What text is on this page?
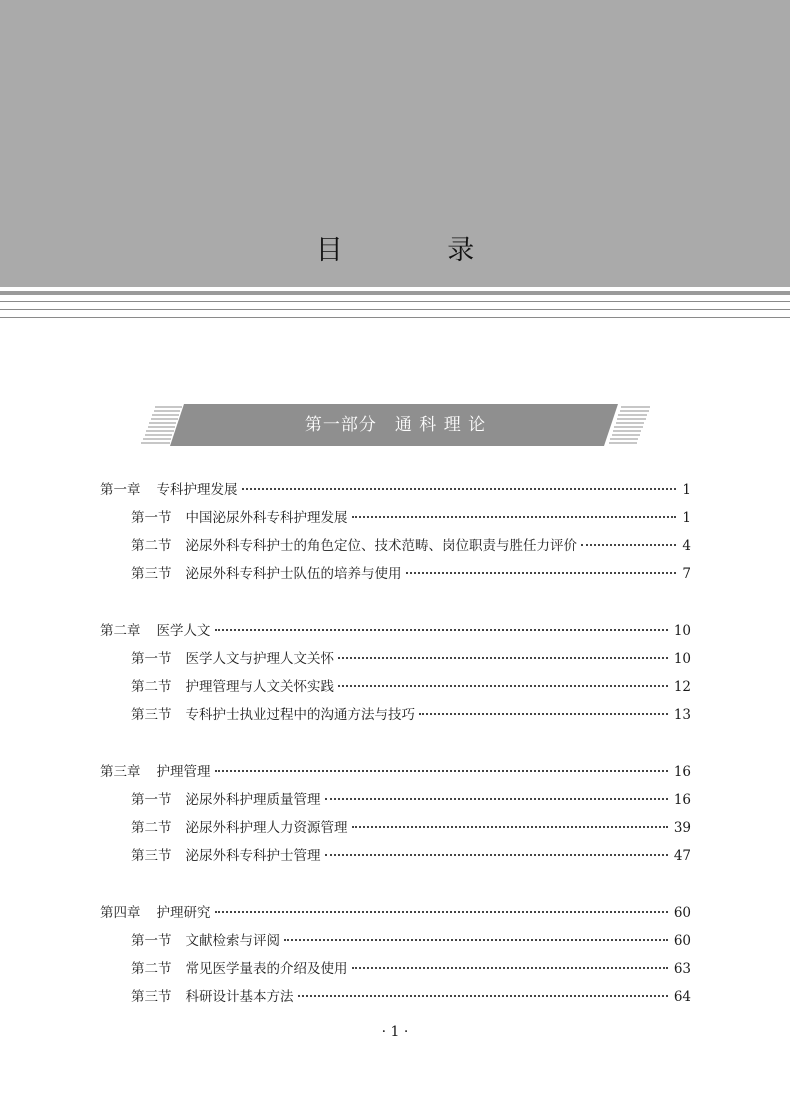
目 录
第一部分　通 科 理 论
第一章 专科护理发展	1
第一节 中国泌尿外科专科护理发展	1
第二节 泌尿外科专科护士的角色定位、技术范畴、岗位职责与胜任力评价	4
第三节 泌尿外科专科护士队伍的培养与使用	7
第二章 医学人文	10
第一节 医学人文与护理人文关怀	10
第二节 护理管理与人文关怀实践	12
第三节 专科护士执业过程中的沟通方法与技巧	13
第三章 护理管理	16
第一节 泌尿外科护理质量管理	16
第二节 泌尿外科护理人力资源管理	39
第三节 泌尿外科专科护士管理	47
第四章 护理研究	60
第一节 文献检索与评阅	60
第二节 常见医学量表的介绍及使用	63
第三节 科研设计基本方法	64
· 1 ·
